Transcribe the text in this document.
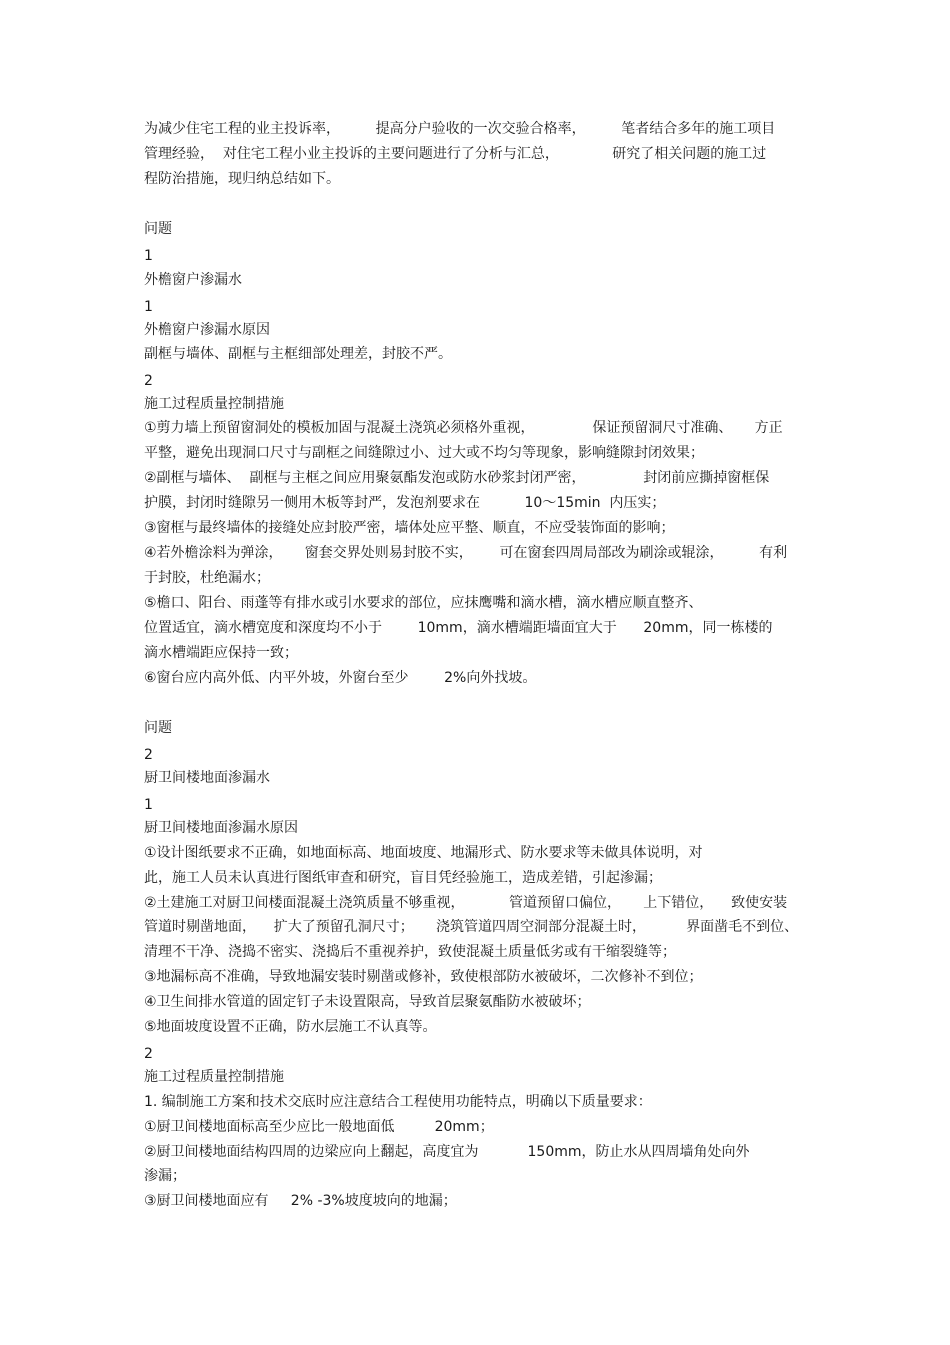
为减少住宅工程的业主投诉率，        提高分户验收的一次交验合格率，        笔者结合多年的施工项目
管理经验，  对住宅工程小业主投诉的主要问题进行了分析与汇总，            研究了相关问题的施工过
程防治措施，现归纳总结如下。
问题
1
外檐窗户渗漏水
1
外檐窗户渗漏水原因
副框与墙体、副框与主框细部处理差，封胶不严。
2
施工过程质量控制措施
①剪力墙上预留窗洞处的模板加固与混凝土浇筑必须格外重视，             保证预留洞尺寸准确、     方正
平整，避免出现洞口尺寸与副框之间缝隙过小、过大或不均匀等现象，影响缝隙封闭效果；
②副框与墙体、  副框与主框之间应用聚氨酯发泡或防水砂浆封闭严密，             封闭前应撕掉窗框保
护膜，封闭时缝隙另一侧用木板等封严，发泡剂要求在          10～15min  内压实；
③窗框与最终墙体的接缝处应封胶严密，墙体处应平整、顺直，不应受装饰面的影响；
④若外檐涂料为弹涂，     窗套交界处则易封胶不实，      可在窗套四周局部改为刷涂或辊涂，        有利
于封胶，杜绝漏水；
⑤檐口、阳台、雨蓬等有排水或引水要求的部位，应抹鹰嘴和滴水槽，滴水槽应顺直整齐、
位置适宜，滴水槽宽度和深度均不小于        10mm，滴水槽端距墙面宜大于      20mm，同一栋楼的
滴水槽端距应保持一致；
⑥窗台应内高外低、内平外坡，外窗台至少        2%向外找坡。
问题
2
厨卫间楼地面渗漏水
1
厨卫间楼地面渗漏水原因
①设计图纸要求不正确，如地面标高、地面坡度、地漏形式、防水要求等未做具体说明，对
此，施工人员未认真进行图纸审查和研究，盲目凭经验施工，造成差错，引起渗漏；
②土建施工对厨卫间楼面混凝土浇筑质量不够重视，          管道预留口偏位，     上下错位，    致使安装
管道时剔凿地面，    扩大了预留孔洞尺寸；     浇筑管道四周空洞部分混凝土时，         界面凿毛不到位、
清理不干净、浇捣不密实、浇捣后不重视养护，致使混凝土质量低劣或有干缩裂缝等；
③地漏标高不准确，导致地漏安装时剔凿或修补，致使根部防水被破坏，二次修补不到位；
④卫生间排水管道的固定钉子未设置限高，导致首层聚氨酯防水被破坏；
⑤地面坡度设置不正确，防水层施工不认真等。
2
施工过程质量控制措施
1. 编制施工方案和技术交底时应注意结合工程使用功能特点，明确以下质量要求：
①厨卫间楼地面标高至少应比一般地面低         20mm；
②厨卫间楼地面结构四周的边梁应向上翻起，高度宜为           150mm，防止水从四周墙角处向外
渗漏；
③厨卫间楼地面应有     2% -3%坡度坡向的地漏；
